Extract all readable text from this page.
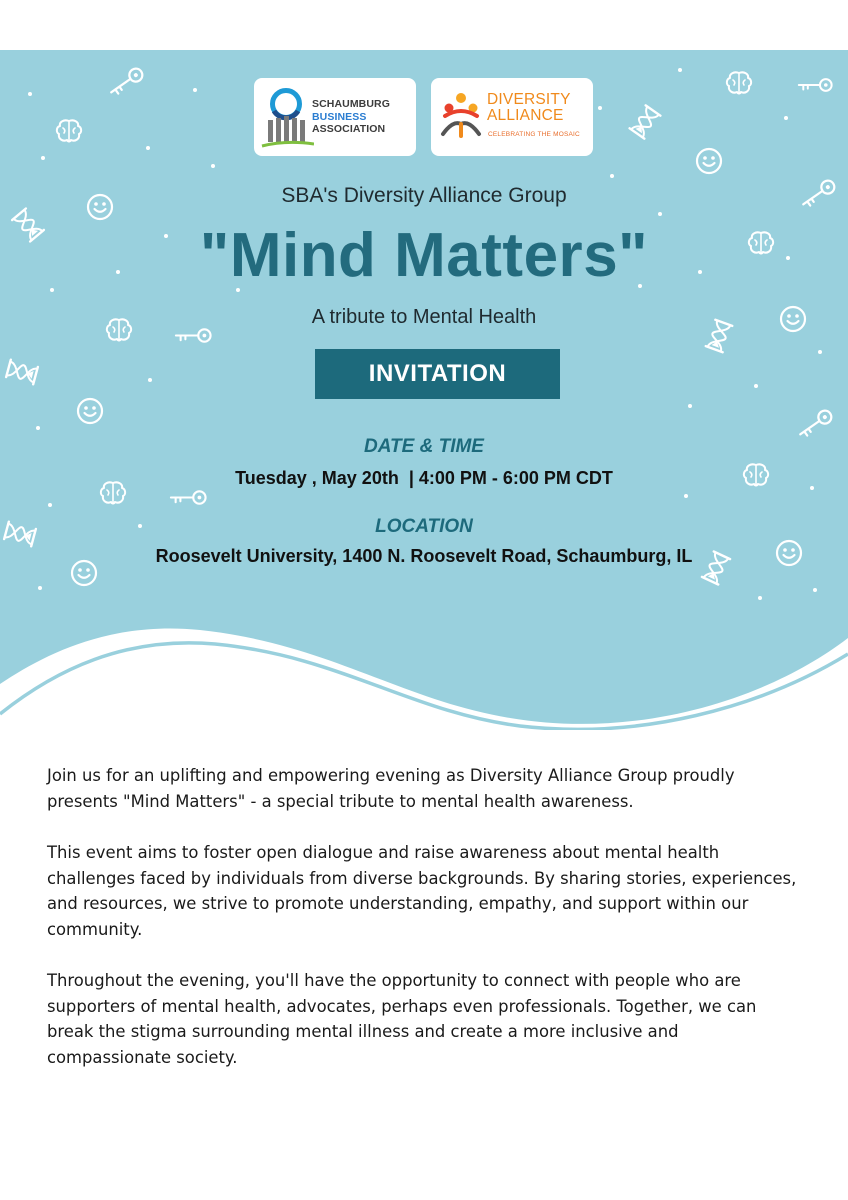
SCHAUMBURG
BUSINESS
ASSOCIATION
DIVERSITY
ALLIANCE
CELEBRATING THE MOSAIC
SBA's Diversity Alliance Group
"Mind Matters"
A tribute to Mental Health
INVITATION
DATE & TIME
Tuesday , May 20th  | 4:00 PM - 6:00 PM CDT
LOCATION
Roosevelt University, 1400 N. Roosevelt Road, Schaumburg, IL

Join us for an uplifting and empowering evening as Diversity Alliance Group proudly presents "Mind Matters" - a special tribute to mental health awareness.

This event aims to foster open dialogue and raise awareness about mental health challenges faced by individuals from diverse backgrounds. By sharing stories, experiences, and resources, we strive to promote understanding, empathy, and support within our community.

Throughout the evening, you'll have the opportunity to connect with people who are supporters of mental health, advocates, perhaps even professionals. Together, we can break the stigma surrounding mental illness and create a more inclusive and compassionate society.
